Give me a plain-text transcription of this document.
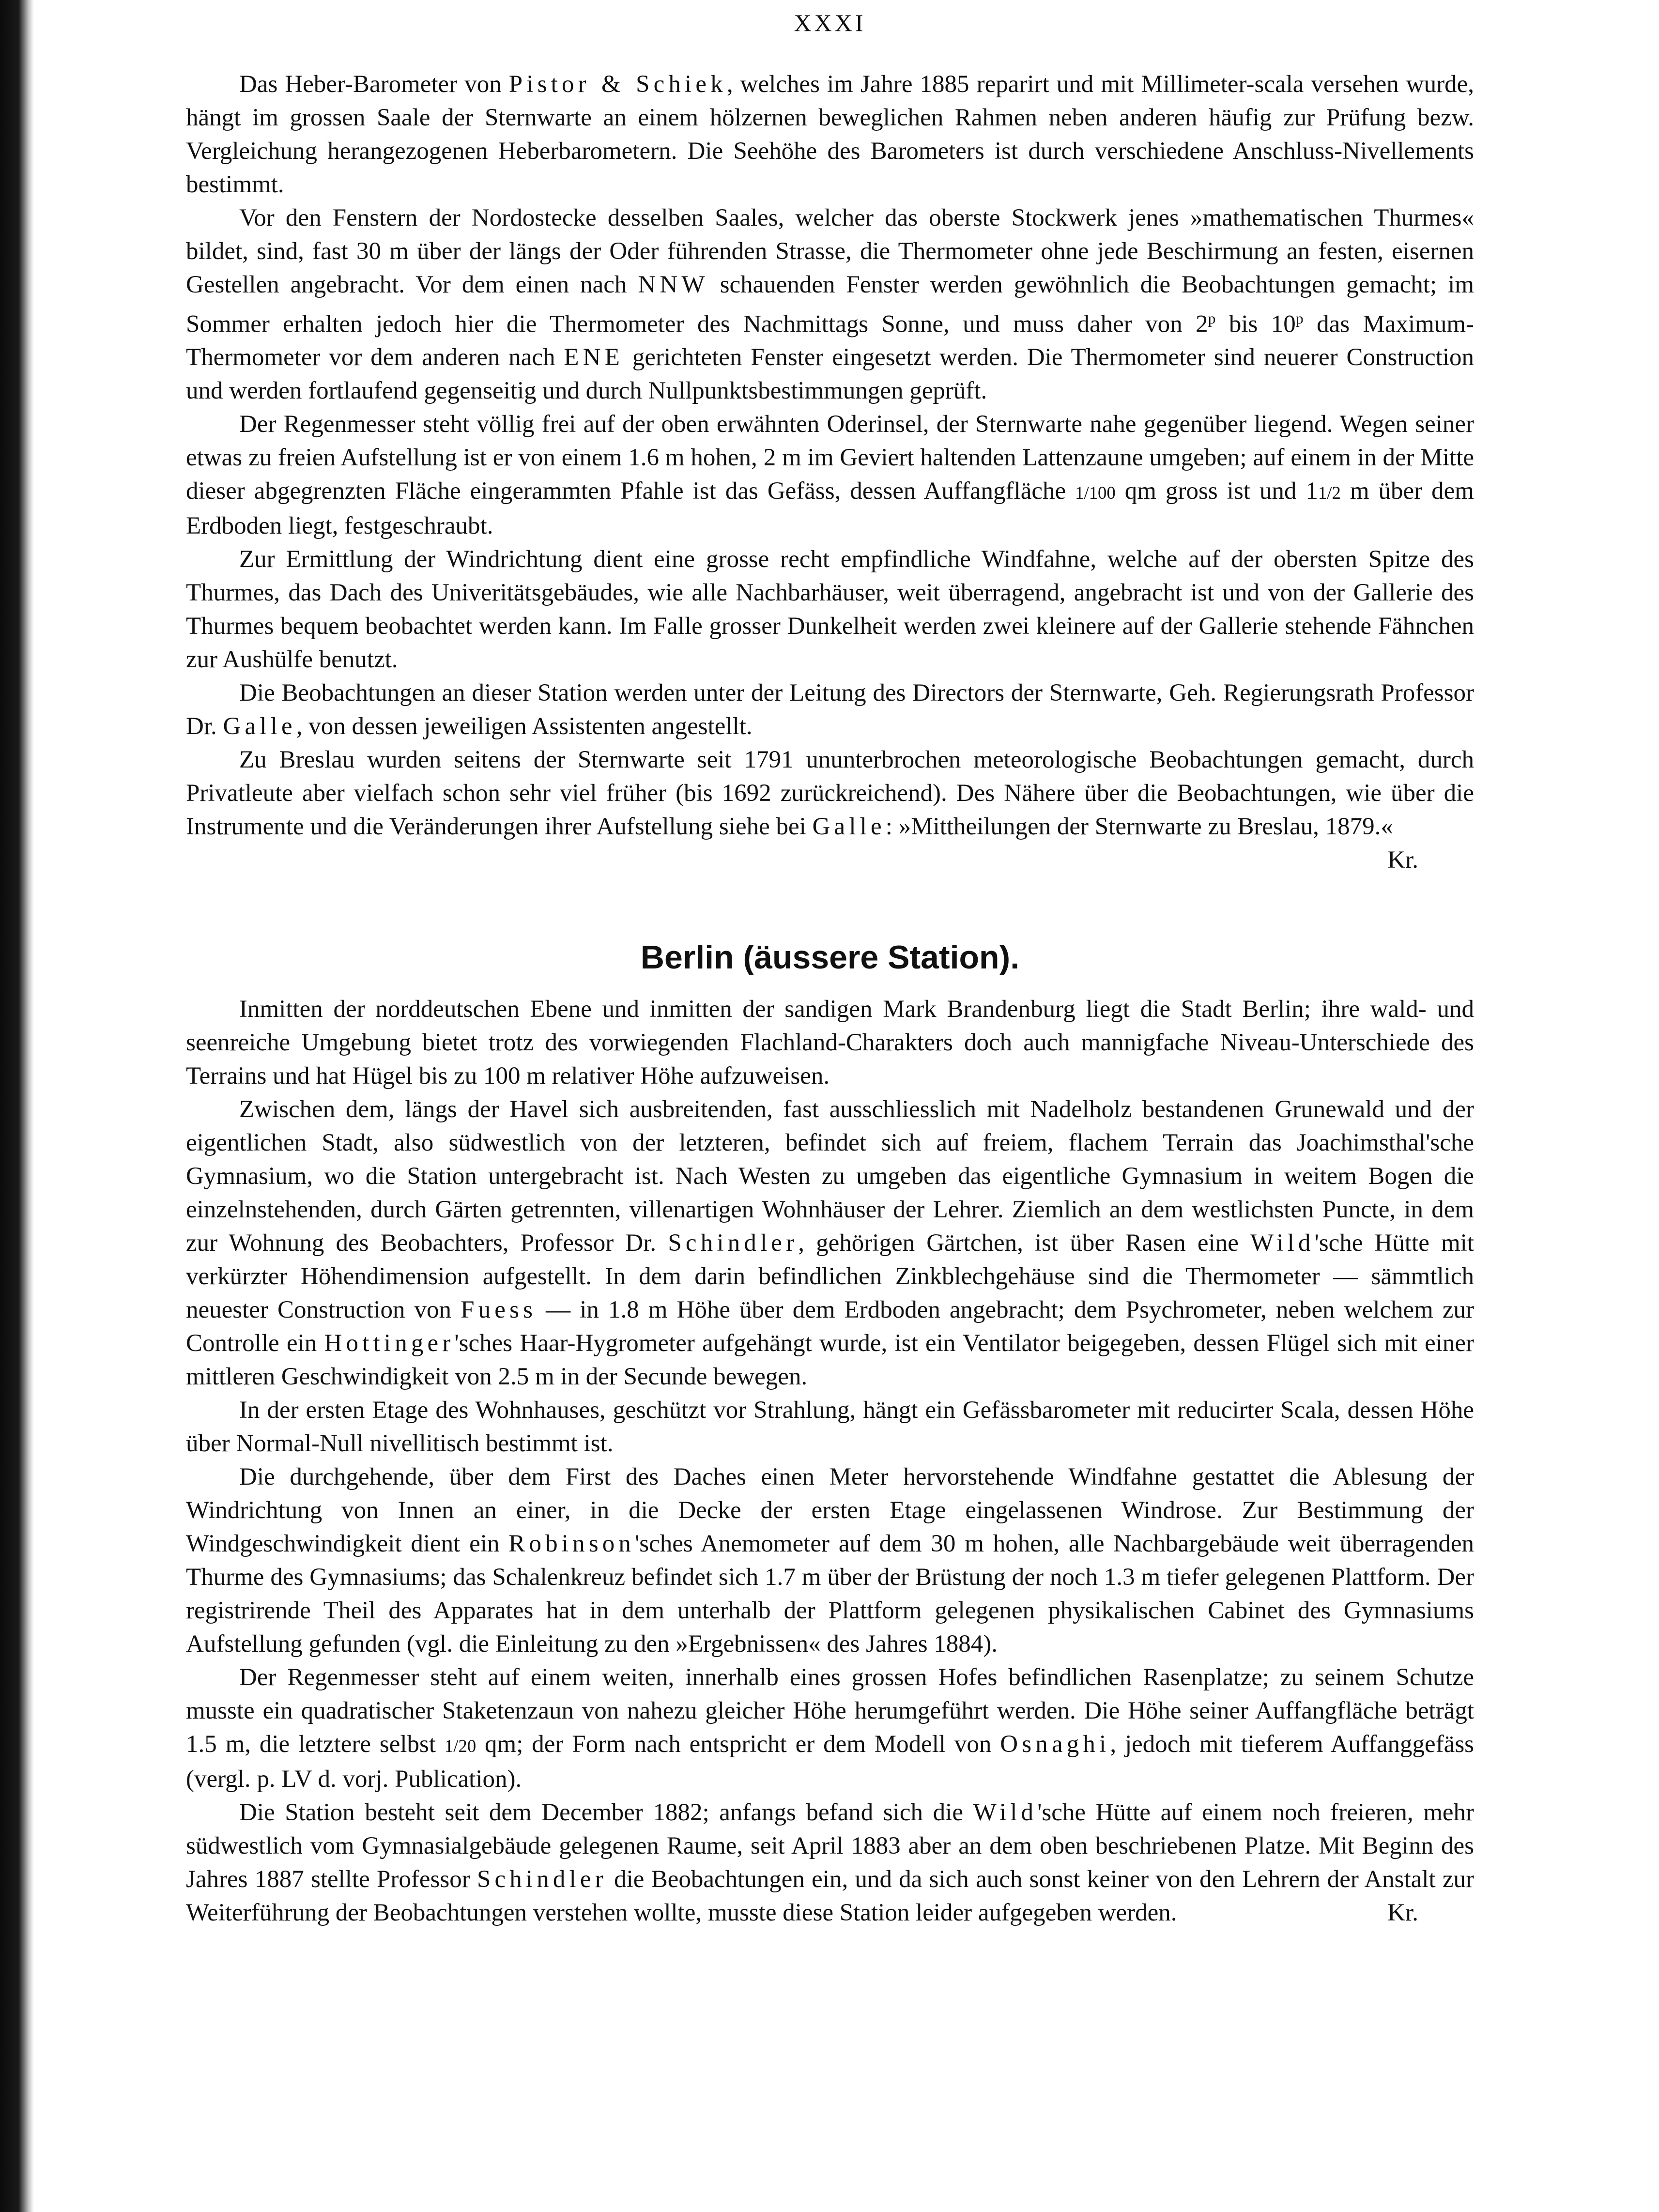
XXXI

Das Heber-Barometer von Pistor & Schiek, welches im Jahre 1885 reparirt und mit Millimeter-scala versehen wurde, hängt im grossen Saale der Sternwarte an einem hölzernen beweglichen Rahmen neben anderen häufig zur Prüfung bezw. Vergleichung herangezogenen Heberbarometern. Die Seehöhe des Barometers ist durch verschiedene Anschluss-Nivellements bestimmt.

Vor den Fenstern der Nordostecke desselben Saales, welcher das oberste Stockwerk jenes »mathematischen Thurmes« bildet, sind, fast 30 m über der längs der Oder führenden Strasse, die Thermometer ohne jede Beschirmung an festen, eisernen Gestellen angebracht. Vor dem einen nach NNW schauenden Fenster werden gewöhnlich die Beobachtungen gemacht; im Sommer erhalten jedoch hier die Thermometer des Nachmittags Sonne, und muss daher von 2$^p$ bis 10$^p$ das Maximum-Thermometer vor dem anderen nach ENE gerichteten Fenster eingesetzt werden. Die Thermometer sind neuerer Construction und werden fortlaufend gegenseitig und durch Nullpunktsbestimmungen geprüft.

Der Regenmesser steht völlig frei auf der oben erwähnten Oderinsel, der Sternwarte nahe gegenüber liegend. Wegen seiner etwas zu freien Aufstellung ist er von einem 1.6 m hohen, 2 m im Geviert haltenden Lattenzaune umgeben; auf einem in der Mitte dieser abgegrenzten Fläche eingerammten Pfahle ist das Gefäss, dessen Auffangfläche 1/100 qm gross ist und 11/2 m über dem Erdboden liegt, festgeschraubt.

Zur Ermittlung der Windrichtung dient eine grosse recht empfindliche Windfahne, welche auf der obersten Spitze des Thurmes, das Dach des Univeritätsgebäudes, wie alle Nachbarhäuser, weit überragend, angebracht ist und von der Gallerie des Thurmes bequem beobachtet werden kann. Im Falle grosser Dunkelheit werden zwei kleinere auf der Gallerie stehende Fähnchen zur Aushülfe benutzt.

Die Beobachtungen an dieser Station werden unter der Leitung des Directors der Sternwarte, Geh. Regierungsrath Professor Dr. Galle, von dessen jeweiligen Assistenten angestellt.

Zu Breslau wurden seitens der Sternwarte seit 1791 ununterbrochen meteorologische Beobachtungen gemacht, durch Privatleute aber vielfach schon sehr viel früher (bis 1692 zurückreichend). Des Nähere über die Beobachtungen, wie über die Instrumente und die Veränderungen ihrer Aufstellung siehe bei Galle: »Mittheilungen der Sternwarte zu Breslau, 1879.«
Kr.

Berlin (äussere Station).

Inmitten der norddeutschen Ebene und inmitten der sandigen Mark Brandenburg liegt die Stadt Berlin; ihre wald- und seenreiche Umgebung bietet trotz des vorwiegenden Flachland-Charakters doch auch mannigfache Niveau-Unterschiede des Terrains und hat Hügel bis zu 100 m relativer Höhe aufzuweisen.

Zwischen dem, längs der Havel sich ausbreitenden, fast ausschliesslich mit Nadelholz bestandenen Grunewald und der eigentlichen Stadt, also südwestlich von der letzteren, befindet sich auf freiem, flachem Terrain das Joachimsthal'sche Gymnasium, wo die Station untergebracht ist. Nach Westen zu umgeben das eigentliche Gymnasium in weitem Bogen die einzelnstehenden, durch Gärten getrennten, villenartigen Wohnhäuser der Lehrer. Ziemlich an dem westlichsten Puncte, in dem zur Wohnung des Beobachters, Professor Dr. Schindler, gehörigen Gärtchen, ist über Rasen eine Wild'sche Hütte mit verkürzter Höhendimension aufgestellt. In dem darin befindlichen Zinkblechgehäuse sind die Thermometer — sämmtlich neuester Construction von Fuess — in 1.8 m Höhe über dem Erdboden angebracht; dem Psychrometer, neben welchem zur Controlle ein Hottinger'sches Haar-Hygrometer aufgehängt wurde, ist ein Ventilator beigegeben, dessen Flügel sich mit einer mittleren Geschwindigkeit von 2.5 m in der Secunde bewegen.

In der ersten Etage des Wohnhauses, geschützt vor Strahlung, hängt ein Gefässbarometer mit reducirter Scala, dessen Höhe über Normal-Null nivellitisch bestimmt ist.

Die durchgehende, über dem First des Daches einen Meter hervorstehende Windfahne gestattet die Ablesung der Windrichtung von Innen an einer, in die Decke der ersten Etage eingelassenen Windrose. Zur Bestimmung der Windgeschwindigkeit dient ein Robinson'sches Anemometer auf dem 30 m hohen, alle Nachbargebäude weit überragenden Thurme des Gymnasiums; das Schalenkreuz befindet sich 1.7 m über der Brüstung der noch 1.3 m tiefer gelegenen Plattform. Der registrirende Theil des Apparates hat in dem unterhalb der Plattform gelegenen physikalischen Cabinet des Gymnasiums Aufstellung gefunden (vgl. die Einleitung zu den »Ergebnissen« des Jahres 1884).

Der Regenmesser steht auf einem weiten, innerhalb eines grossen Hofes befindlichen Rasenplatze; zu seinem Schutze musste ein quadratischer Staketenzaun von nahezu gleicher Höhe herumgeführt werden. Die Höhe seiner Auffangfläche beträgt 1.5 m, die letztere selbst 1/20 qm; der Form nach entspricht er dem Modell von Osnaghi, jedoch mit tieferem Auffanggefäss (vergl. p. LV d. vorj. Publication).

Die Station besteht seit dem December 1882; anfangs befand sich die Wild'sche Hütte auf einem noch freieren, mehr südwestlich vom Gymnasialgebäude gelegenen Raume, seit April 1883 aber an dem oben beschriebenen Platze. Mit Beginn des Jahres 1887 stellte Professor Schindler die Beobachtungen ein, und da sich auch sonst keiner von den Lehrern der Anstalt zur Weiterführung der Beobachtungen verstehen wollte, musste diese Station leider aufgegeben werden.	Kr.
